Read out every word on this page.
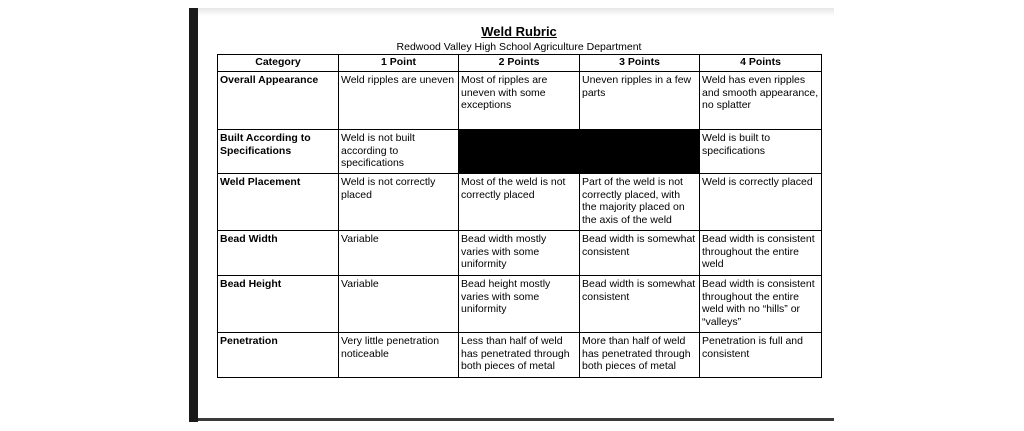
Weld Rubric
Redwood Valley High School Agriculture Department
Category	1 Point	2 Points	3 Points	4 Points
Overall Appearance	Weld ripples are uneven	Most of ripples are uneven with some exceptions	Uneven ripples in a few parts	Weld has even ripples and smooth appearance, no splatter
Built According to Specifications	Weld is not built according to specifications			Weld is built to specifications
Weld Placement	Weld is not correctly placed	Most of the weld is not correctly placed	Part of the weld is not correctly placed, with the majority placed on the axis of the weld	Weld is correctly placed
Bead Width	Variable	Bead width mostly varies with some uniformity	Bead width is somewhat consistent	Bead width is consistent throughout the entire weld
Bead Height	Variable	Bead height mostly varies with some uniformity	Bead width is somewhat consistent	Bead width is consistent throughout the entire weld with no “hills” or “valleys”
Penetration	Very little penetration noticeable	Less than half of weld has penetrated through both pieces of metal	More than half of weld has penetrated through both pieces of metal	Penetration is full and consistent
